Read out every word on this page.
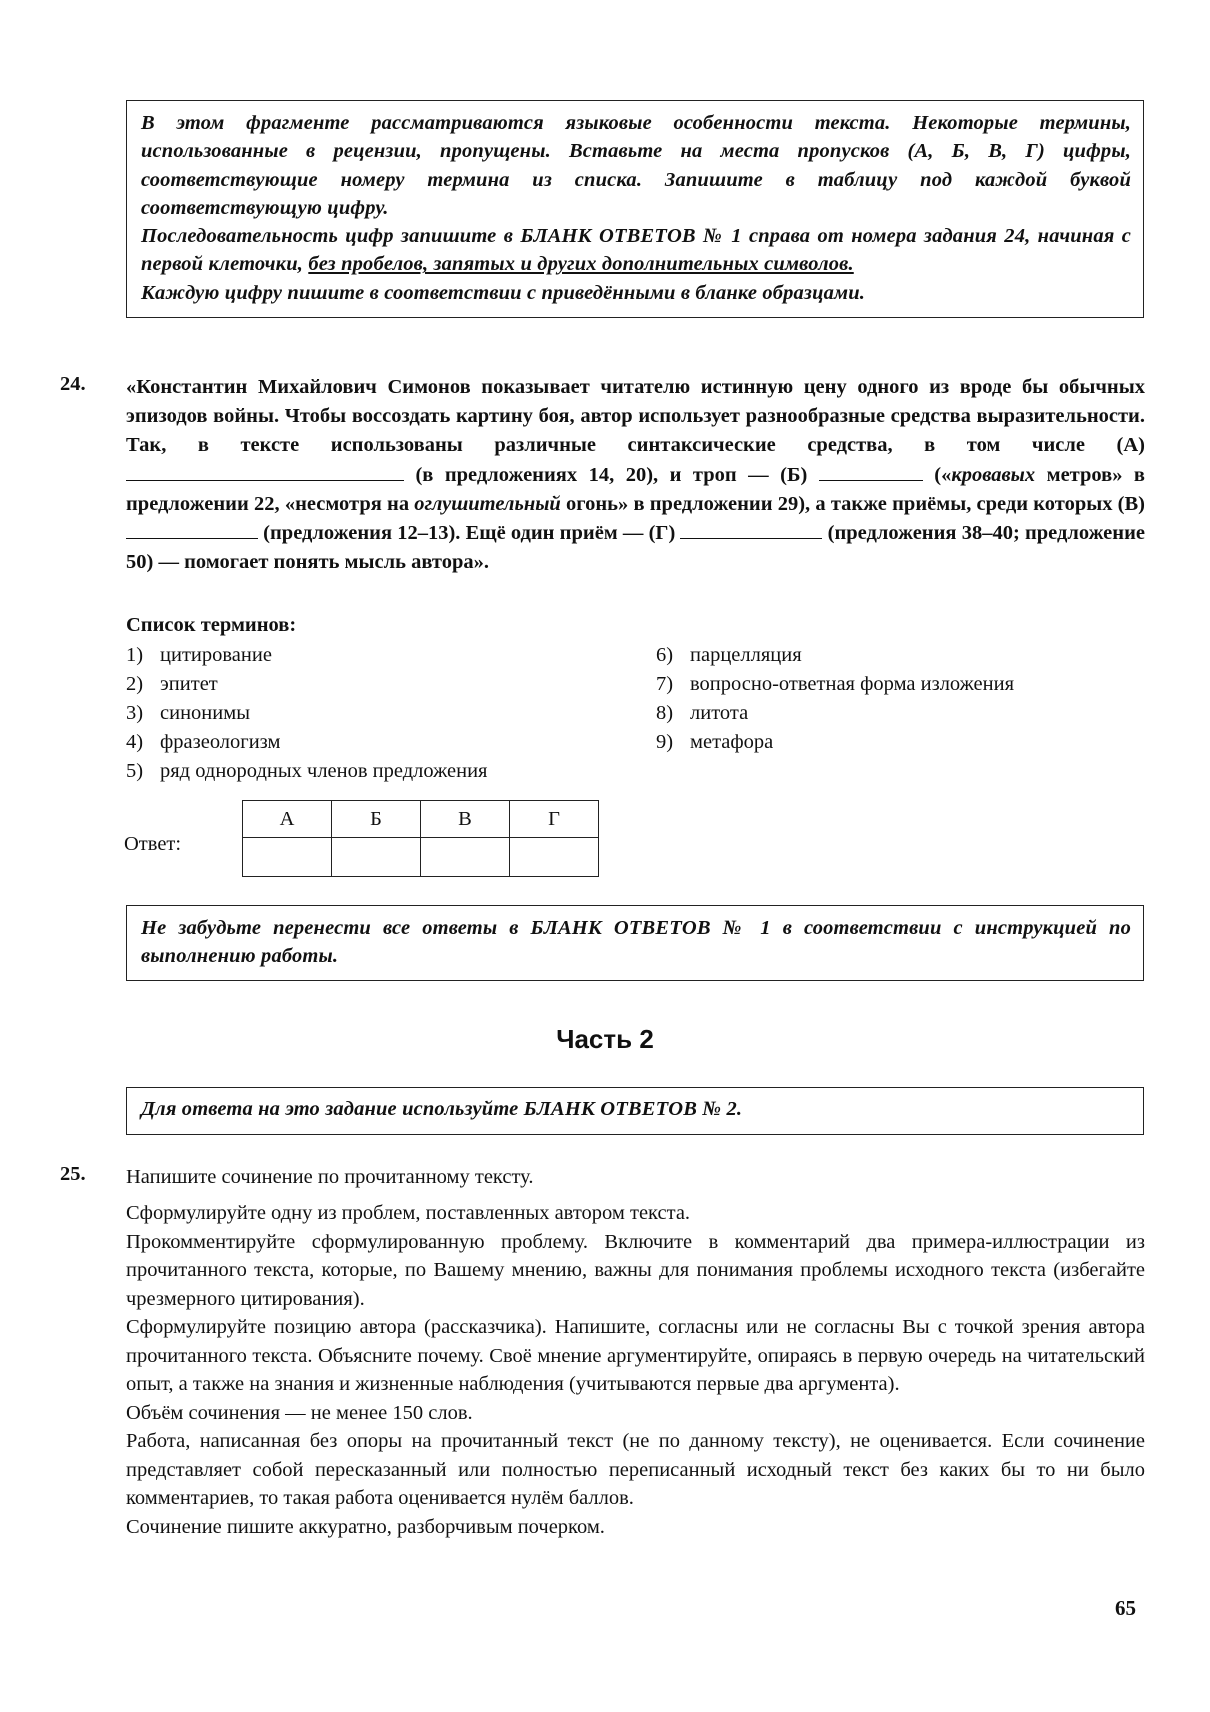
В этом фрагменте рассматриваются языковые особенности текста. Некоторые термины, использованные в рецензии, пропущены. Вставьте на места пропусков (А, Б, В, Г) цифры, соответствующие номеру термина из списка. Запишите в таблицу под каждой буквой соответствующую цифру.

Последовательность цифр запишите в БЛАНК ОТВЕТОВ № 1 справа от номера задания 24, начиная с первой клеточки, без пробелов, запятых и других дополнительных символов.

Каждую цифру пишите в соответствии с приведёнными в бланке образцами.

24. «Константин Михайлович Симонов показывает читателю истинную цену одного из вроде бы обычных эпизодов войны. Чтобы воссоздать картину боя, автор использует разнообразные средства выразительности. Так, в тексте использованы различные синтаксические средства, в том числе (А)  (в предложениях 14, 20), и троп — (Б)	(«кровавых метров» в предложении 22, «несмотря на оглушительный огонь» в предложении 29), а также приёмы, среди которых (В)  (предложения 12–13). Ещё один приём — (Г)	(предложения 38–40; предложение 50) — помогает понять мысль автора».
Список терминов:
1) цитирование
2) эпитет
3) синонимы
4) фразеологизм
5) ряд однородных членов предложения
6) парцелляция
7) вопросно-ответная форма изложения
8) литота
9) метафора
Ответ:
А	Б	В	Г

Не забудьте перенести все ответы в БЛАНК ОТВЕТОВ № 1 в соответствии с инструкцией по выполнению работы.

Часть 2

Для ответа на это задание используйте БЛАНК ОТВЕТОВ № 2.

25. Напишите сочинение по прочитанному тексту.

Сформулируйте одну из проблем, поставленных автором текста.

Прокомментируйте сформулированную проблему. Включите в комментарий два примера-иллюстрации из прочитанного текста, которые, по Вашему мнению, важны для понимания проблемы исходного текста (избегайте чрезмерного цитирования).

Сформулируйте позицию автора (рассказчика). Напишите, согласны или не согласны Вы с точкой зрения автора прочитанного текста. Объясните почему. Своё мнение аргументируйте, опираясь в первую очередь на читательский опыт, а также на знания и жизненные наблюдения (учитываются первые два аргумента).

Объём сочинения — не менее 150 слов.

Работа, написанная без опоры на прочитанный текст (не по данному тексту), не оценивается. Если сочинение представляет собой пересказанный или полностью переписанный исходный текст без каких бы то ни было комментариев, то такая работа оценивается нулём баллов.

Сочинение пишите аккуратно, разборчивым почерком.

65
